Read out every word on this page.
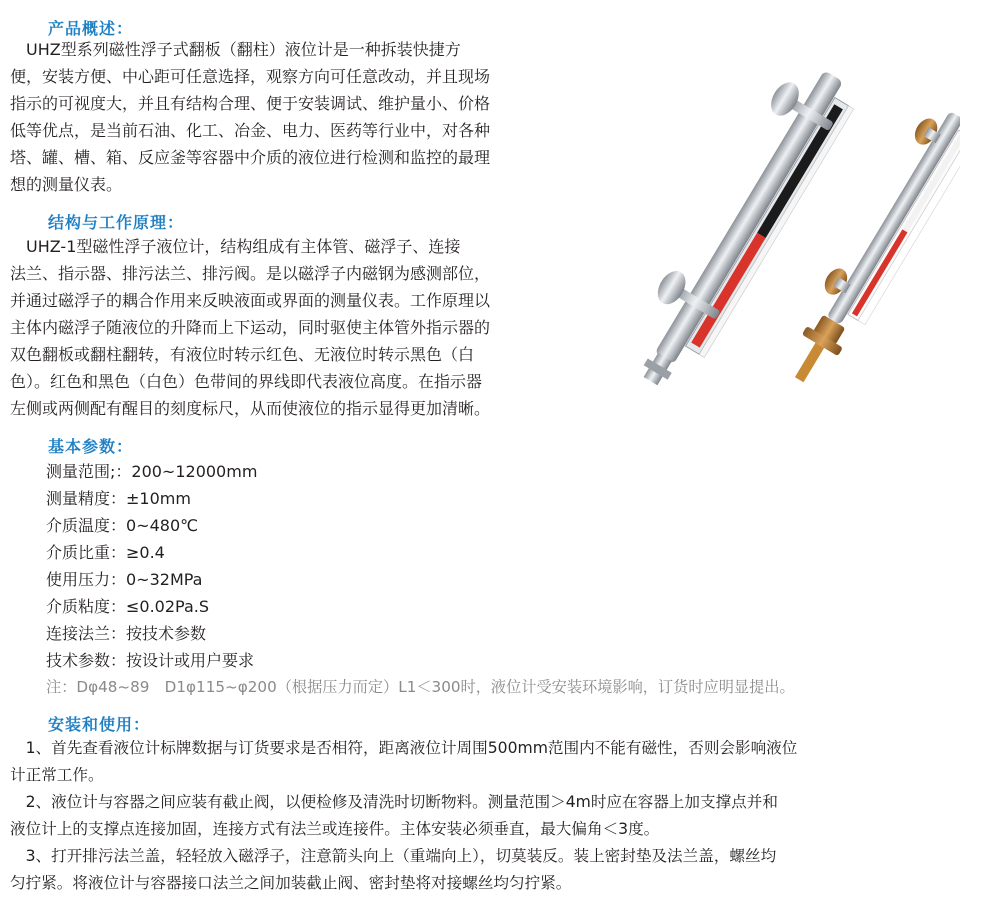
产品概述：
　UHZ型系列磁性浮子式翻板（翻柱）液位计是一种拆装快捷方
便，安装方便、中心距可任意选择，观察方向可任意改动，并且现场
指示的可视度大，并且有结构合理、便于安装调试、维护量小、价格
低等优点，是当前石油、化工、冶金、电力、医药等行业中，对各种
塔、罐、槽、箱、反应釜等容器中介质的液位进行检测和监控的最理
想的测量仪表。
结构与工作原理：
　UHZ-1型磁性浮子液位计，结构组成有主体管、磁浮子、连接
法兰、指示器、排污法兰、排污阀。是以磁浮子内磁钢为感测部位，
并通过磁浮子的耦合作用来反映液面或界面的测量仪表。工作原理以
主体内磁浮子随液位的升降而上下运动，同时驱使主体管外指示器的
双色翻板或翻柱翻转，有液位时转示红色、无液位时转示黑色（白
色）。红色和黑色（白色）色带间的界线即代表液位高度。在指示器
左侧或两侧配有醒目的刻度标尺，从而使液位的指示显得更加清晰。
基本参数：
测量范围;：200~12000mm
测量精度：±10mm
介质温度：0~480℃
介质比重：≥0.4
使用压力：0~32MPa
介质粘度：≤0.02Pa.S
连接法兰：按技术参数
技术参数：按设计或用户要求
注：Dφ48~89　D1φ115~φ200（根据压力而定）L1＜300时，液位计受安装环境影响，订货时应明显提出。
安装和使用：
　1、首先查看液位计标牌数据与订货要求是否相符，距离液位计周围500mm范围内不能有磁性，否则会影响液位
计正常工作。
　2、液位计与容器之间应装有截止阀，以便检修及清洗时切断物料。测量范围＞4m时应在容器上加支撑点并和
液位计上的支撑点连接加固，连接方式有法兰或连接件。主体安装必须垂直，最大偏角＜3度。
　3、打开排污法兰盖，轻轻放入磁浮子，注意箭头向上（重端向上），切莫装反。装上密封垫及法兰盖，螺丝均
匀拧紧。将液位计与容器接口法兰之间加装截止阀、密封垫将对接螺丝均匀拧紧。
